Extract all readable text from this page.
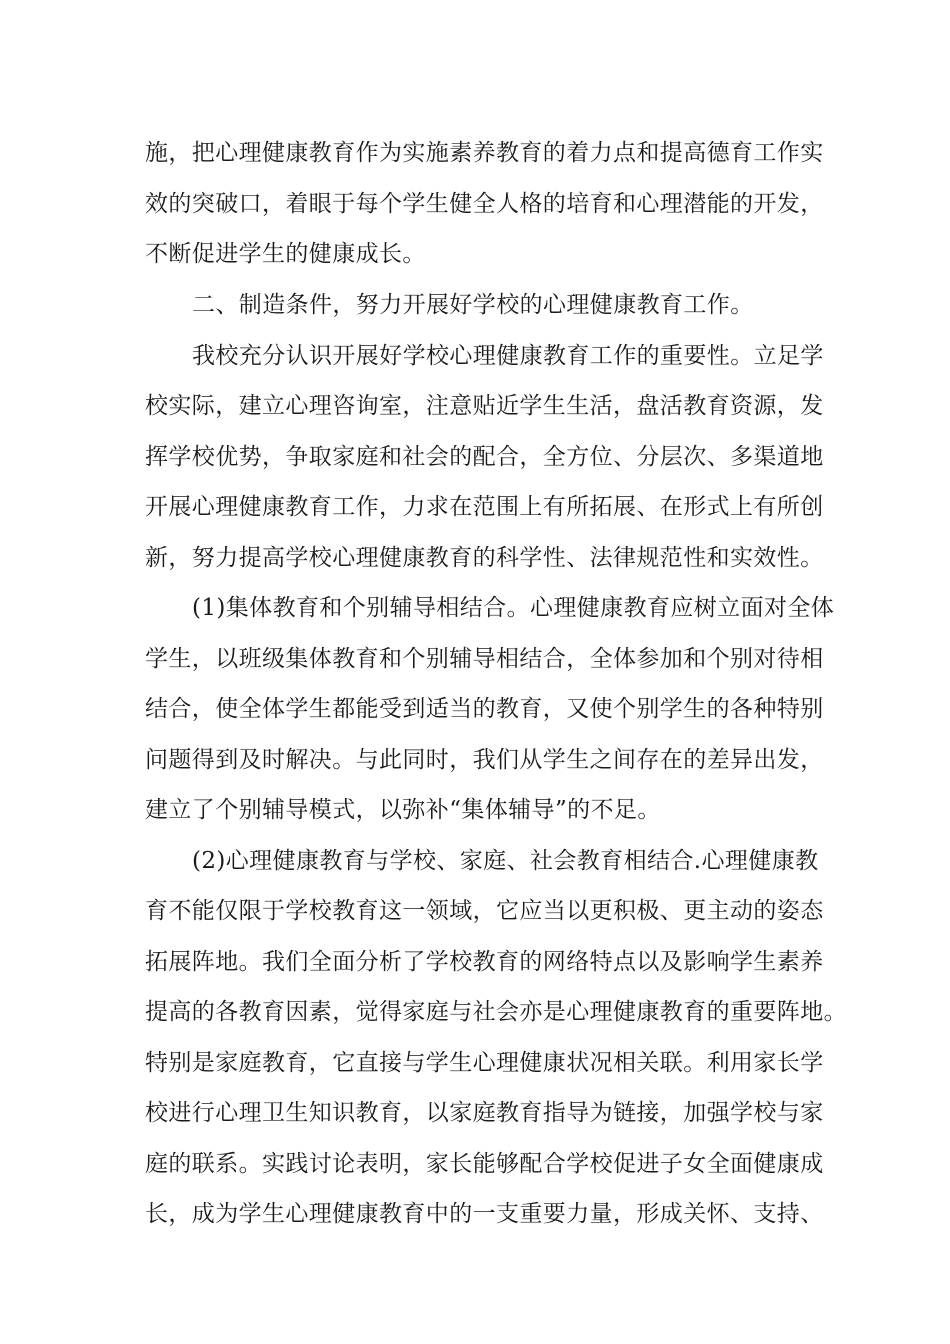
施，把心理健康教育作为实施素养教育的着力点和提高德育工作实
效的突破口，着眼于每个学生健全人格的培育和心理潜能的开发，
不断促进学生的健康成长。
二、制造条件，努力开展好学校的心理健康教育工作。
我校充分认识开展好学校心理健康教育工作的重要性。立足学
校实际，建立心理咨询室，注意贴近学生生活，盘活教育资源，发
挥学校优势，争取家庭和社会的配合，全方位、分层次、多渠道地
开展心理健康教育工作，力求在范围上有所拓展、在形式上有所创
新，努力提高学校心理健康教育的科学性、法律规范性和实效性。
(1)集体教育和个别辅导相结合。心理健康教育应树立面对全体
学生，以班级集体教育和个别辅导相结合，全体参加和个别对待相
结合，使全体学生都能受到适当的教育，又使个别学生的各种特别
问题得到及时解决。与此同时，我们从学生之间存在的差异出发，
建立了个别辅导模式，以弥补“集体辅导”的不足。
(2)心理健康教育与学校、家庭、社会教育相结合.心理健康教
育不能仅限于学校教育这一领域，它应当以更积极、更主动的姿态
拓展阵地。我们全面分析了学校教育的网络特点以及影响学生素养
提高的各教育因素，觉得家庭与社会亦是心理健康教育的重要阵地。
特别是家庭教育，它直接与学生心理健康状况相关联。利用家长学
校进行心理卫生知识教育，以家庭教育指导为链接，加强学校与家
庭的联系。实践讨论表明，家长能够配合学校促进子女全面健康成
长，成为学生心理健康教育中的一支重要力量，形成关怀、支持、
